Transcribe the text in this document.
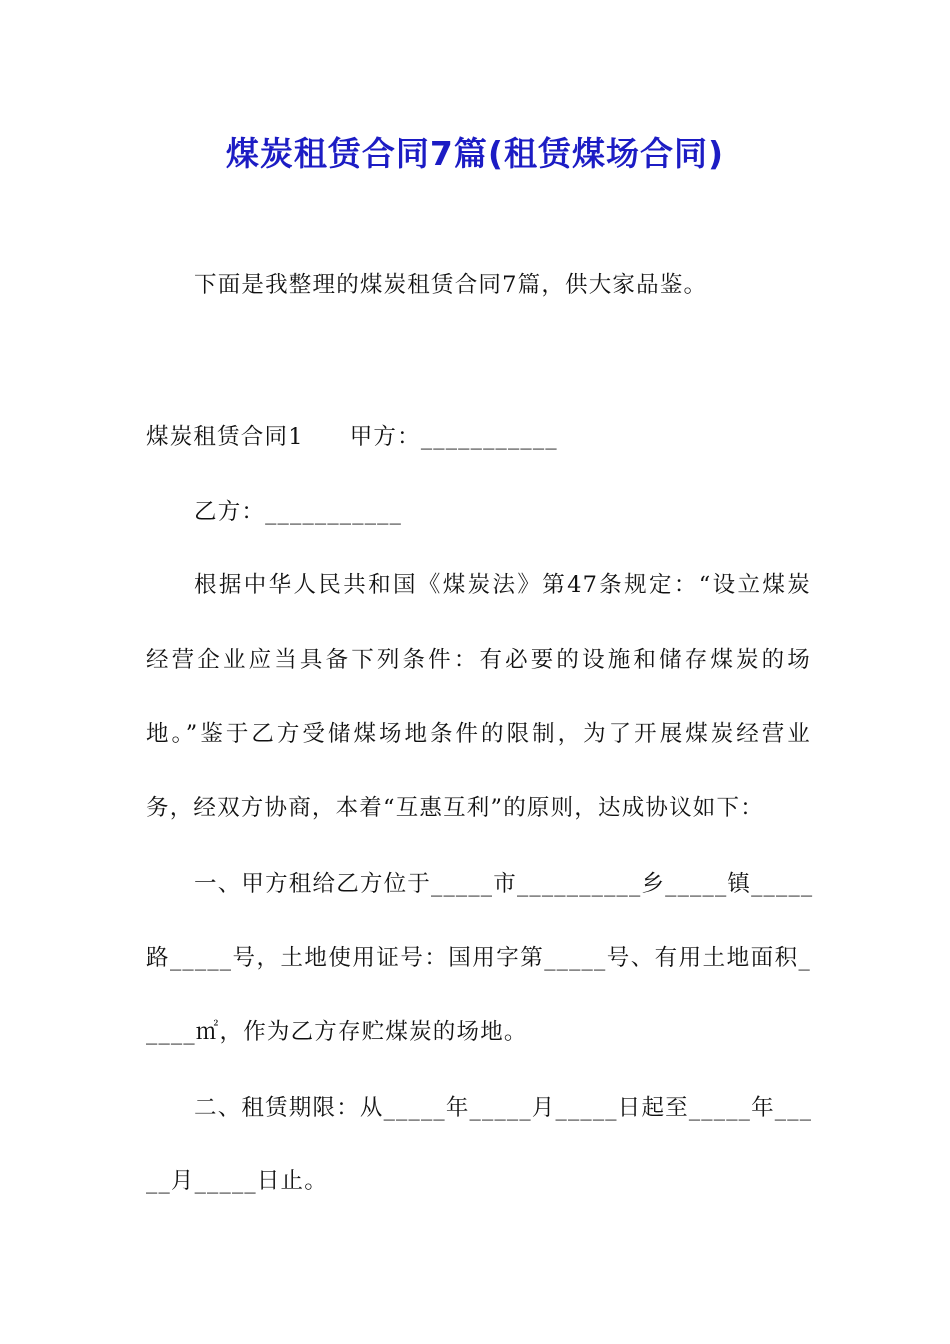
煤炭租赁合同7篇(租赁煤场合同)
下面是我整理的煤炭租赁合同7篇，供大家品鉴。
煤炭租赁合同1 甲方：___________
乙方：___________
根据中华人民共和国《煤炭法》第47条规定：“设立煤炭
经营企业应当具备下列条件：有必要的设施和储存煤炭的场
地。”鉴于乙方受储煤场地条件的限制，为了开展煤炭经营业
务，经双方协商，本着“互惠互利”的原则，达成协议如下：
一、甲方租给乙方位于_____市__________乡_____镇_____
路_____号，土地使用证号：国用字第_____号、有用土地面积_
____㎡，作为乙方存贮煤炭的场地。
二、租赁期限：从_____年_____月_____日起至_____年___
__月_____日止。
